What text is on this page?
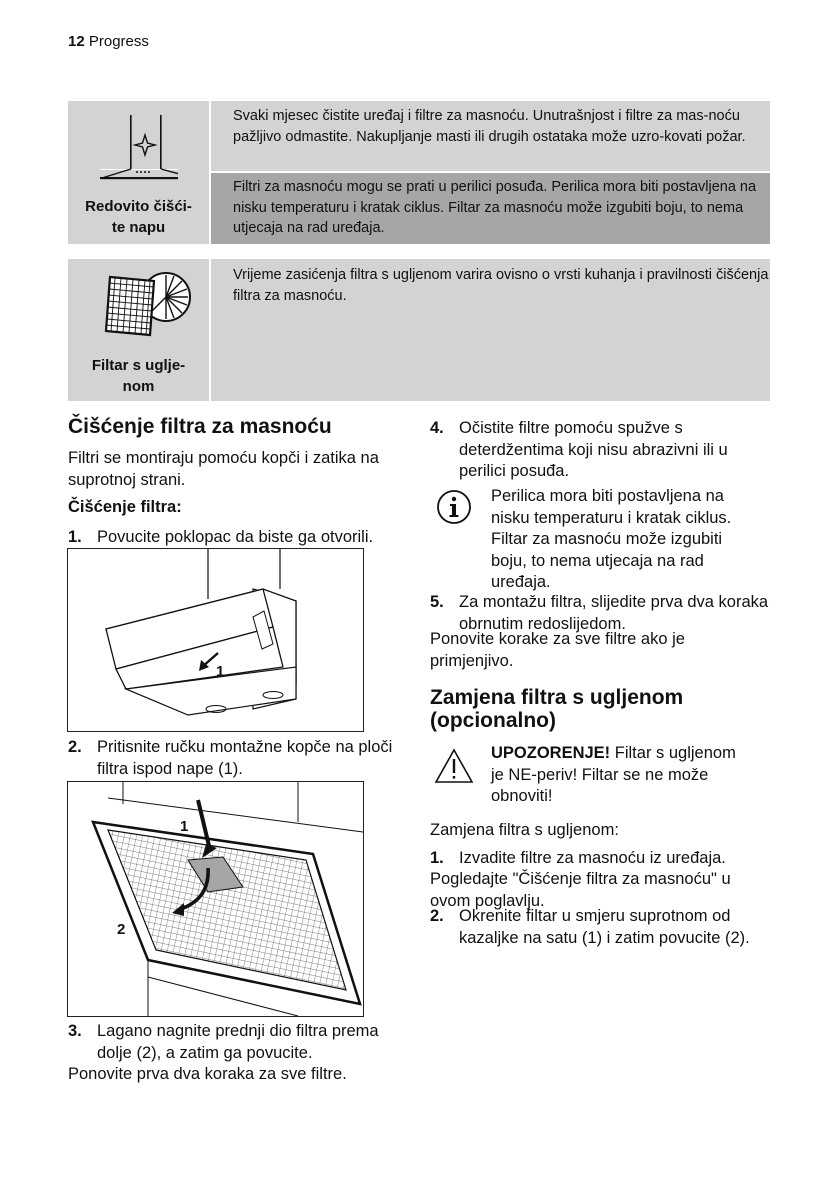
12 Progress
Redovito čišći-
te napu
Svaki mjesec čistite uređaj i filtre za masnoću. Unutrašnjost i filtre za mas-noću pažljivo odmastite. Nakupljanje masti ili drugih ostataka može uzro-kovati požar.
Filtri za masnoću mogu se prati u perilici posuđa. Perilica mora biti postavljena na nisku temperaturu i kratak ciklus. Filtar za masnoću može izgubiti boju, to nema utjecaja na rad uređaja.
Filtar s uglje-
nom
Vrijeme zasićenja filtra s ugljenom varira ovisno o vrsti kuhanja i pravilnosti čišćenja filtra za masnoću.
Čišćenje filtra za masnoću
Filtri se montiraju pomoću kopči i zatika na suprotnoj strani.
Čišćenje filtra:
1. Povucite poklopac da biste ga otvorili.
1
2. Pritisnite ručku montažne kopče na ploči filtra ispod nape (1).
1
2
3. Lagano nagnite prednji dio filtra prema dolje (2), a zatim ga povucite.
Ponovite prva dva koraka za sve filtre.
4. Očistite filtre pomoću spužve s deterdžentima koji nisu abrazivni ili u perilici posuđa.
Perilica mora biti postavljena na nisku temperaturu i kratak ciklus. Filtar za masnoću može izgubiti boju, to nema utjecaja na rad uređaja.
5. Za montažu filtra, slijedite prva dva koraka obrnutim redoslijedom.
Ponovite korake za sve filtre ako je primjenjivo.
Zamjena filtra s ugljenom (opcionalno)
UPOZORENJE! Filtar s ugljenom je NE-periv! Filtar se ne može obnoviti!
Zamjena filtra s ugljenom:
1. Izvadite filtre za masnoću iz uređaja.
Pogledajte "Čišćenje filtra za masnoću" u ovom poglavlju.
2. Okrenite filtar u smjeru suprotnom od kazaljke na satu (1) i zatim povucite (2).
